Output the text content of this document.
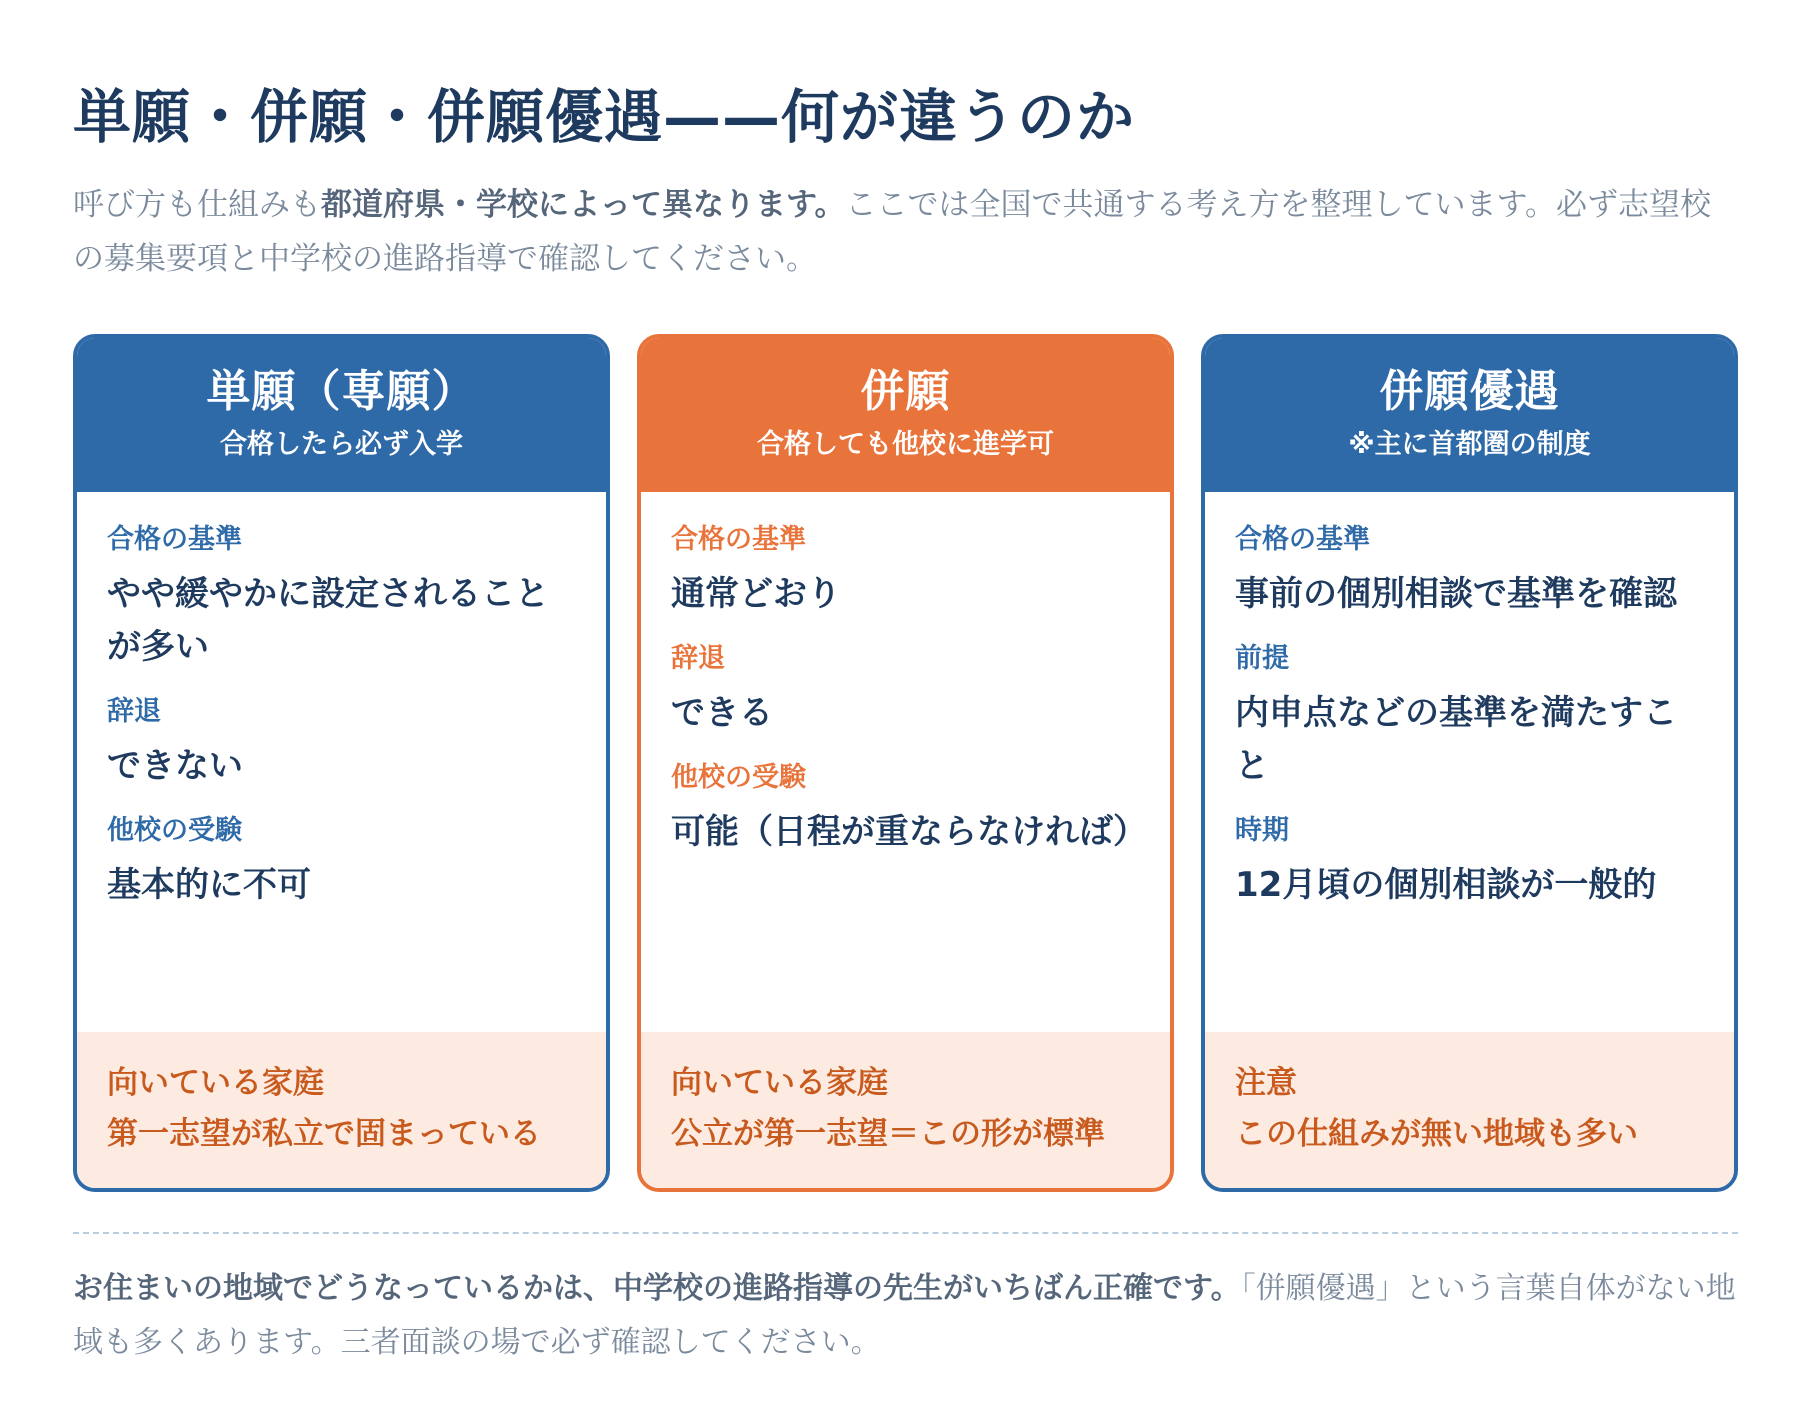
単願・併願・併願優遇——何が違うのか

呼び方も仕組みも都道府県・学校によって異なります。ここでは全国で共通する考え方を整理しています。必ず志望校の募集要項と中学校の進路指導で確認してください。

単願（専願）
合格したら必ず入学
合格の基準
やや緩やかに設定されることが多い
辞退
できない
他校の受験
基本的に不可
向いている家庭
第一志望が私立で固まっている
併願
合格しても他校に進学可
合格の基準
通常どおり
辞退
できる
他校の受験
可能（日程が重ならなければ）
向いている家庭
公立が第一志望＝この形が標準
併願優遇
※主に首都圏の制度
合格の基準
事前の個別相談で基準を確認
前提
内申点などの基準を満たすこと
時期
12月頃の個別相談が一般的
注意
この仕組みが無い地域も多い

お住まいの地域でどうなっているかは、中学校の進路指導の先生がいちばん正確です。「併願優遇」という言葉自体がない地域も多くあります。三者面談の場で必ず確認してください。
